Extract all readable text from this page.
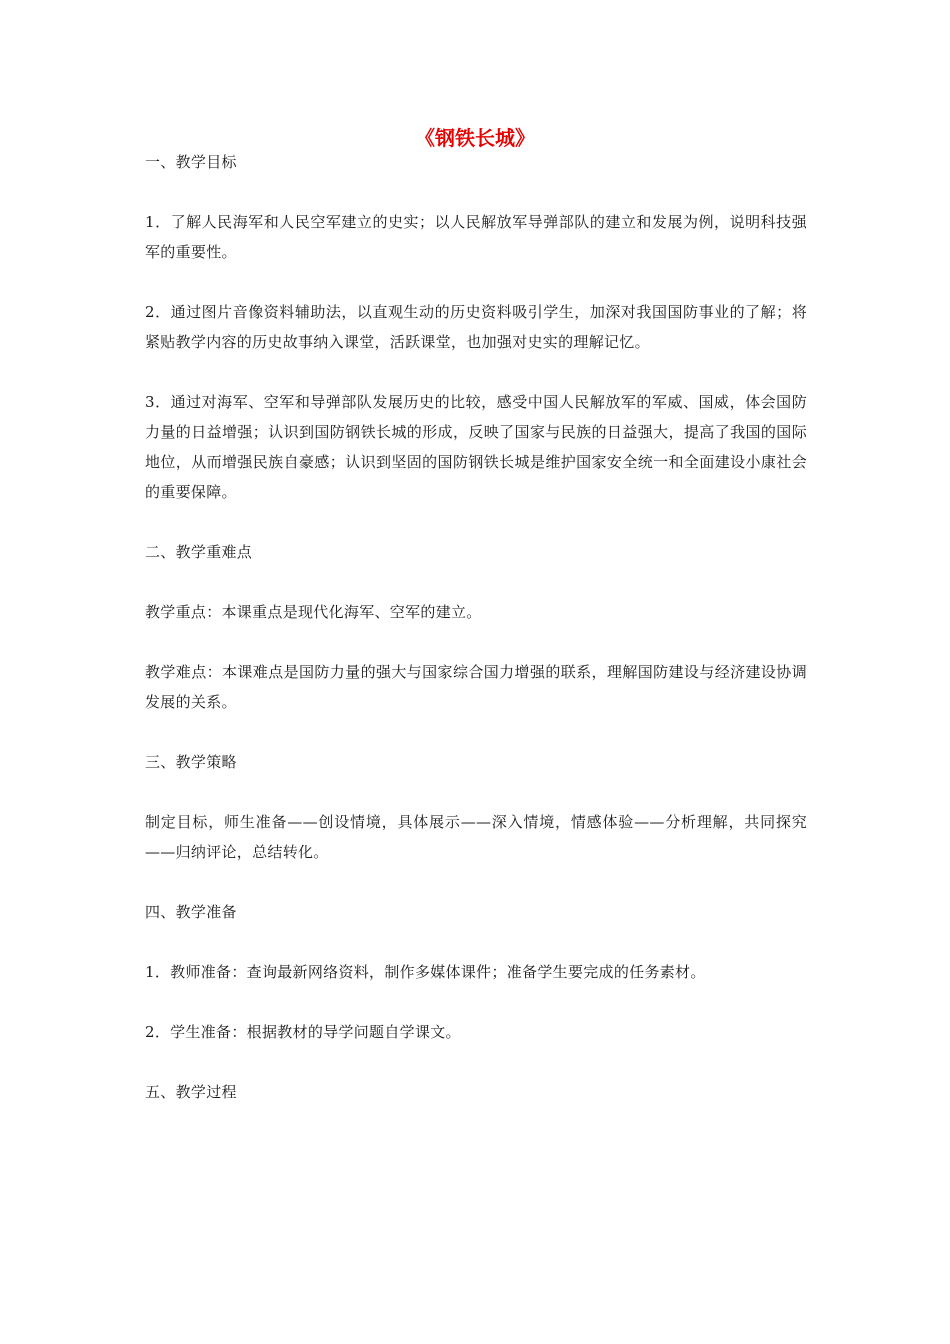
《钢铁长城》

一、教学目标

1．了解人民海军和人民空军建立的史实；以人民解放军导弹部队的建立和发展为例，说明科技强军的重要性。

2．通过图片音像资料辅助法，以直观生动的历史资料吸引学生，加深对我国国防事业的了解；将紧贴教学内容的历史故事纳入课堂，活跃课堂，也加强对史实的理解记忆。

3．通过对海军、空军和导弹部队发展历史的比较，感受中国人民解放军的军威、国威，体会国防力量的日益增强；认识到国防钢铁长城的形成，反映了国家与民族的日益强大，提高了我国的国际地位，从而增强民族自豪感；认识到坚固的国防钢铁长城是维护国家安全统一和全面建设小康社会的重要保障。

二、教学重难点

教学重点：本课重点是现代化海军、空军的建立。

教学难点：本课难点是国防力量的强大与国家综合国力增强的联系，理解国防建设与经济建设协调发展的关系。

三、教学策略

制定目标，师生准备——创设情境，具体展示——深入情境，情感体验——分析理解，共同探究——归纳评论，总结转化。

四、教学准备

1．教师准备：查询最新网络资料，制作多媒体课件；准备学生要完成的任务素材。

2．学生准备：根据教材的导学问题自学课文。

五、教学过程
